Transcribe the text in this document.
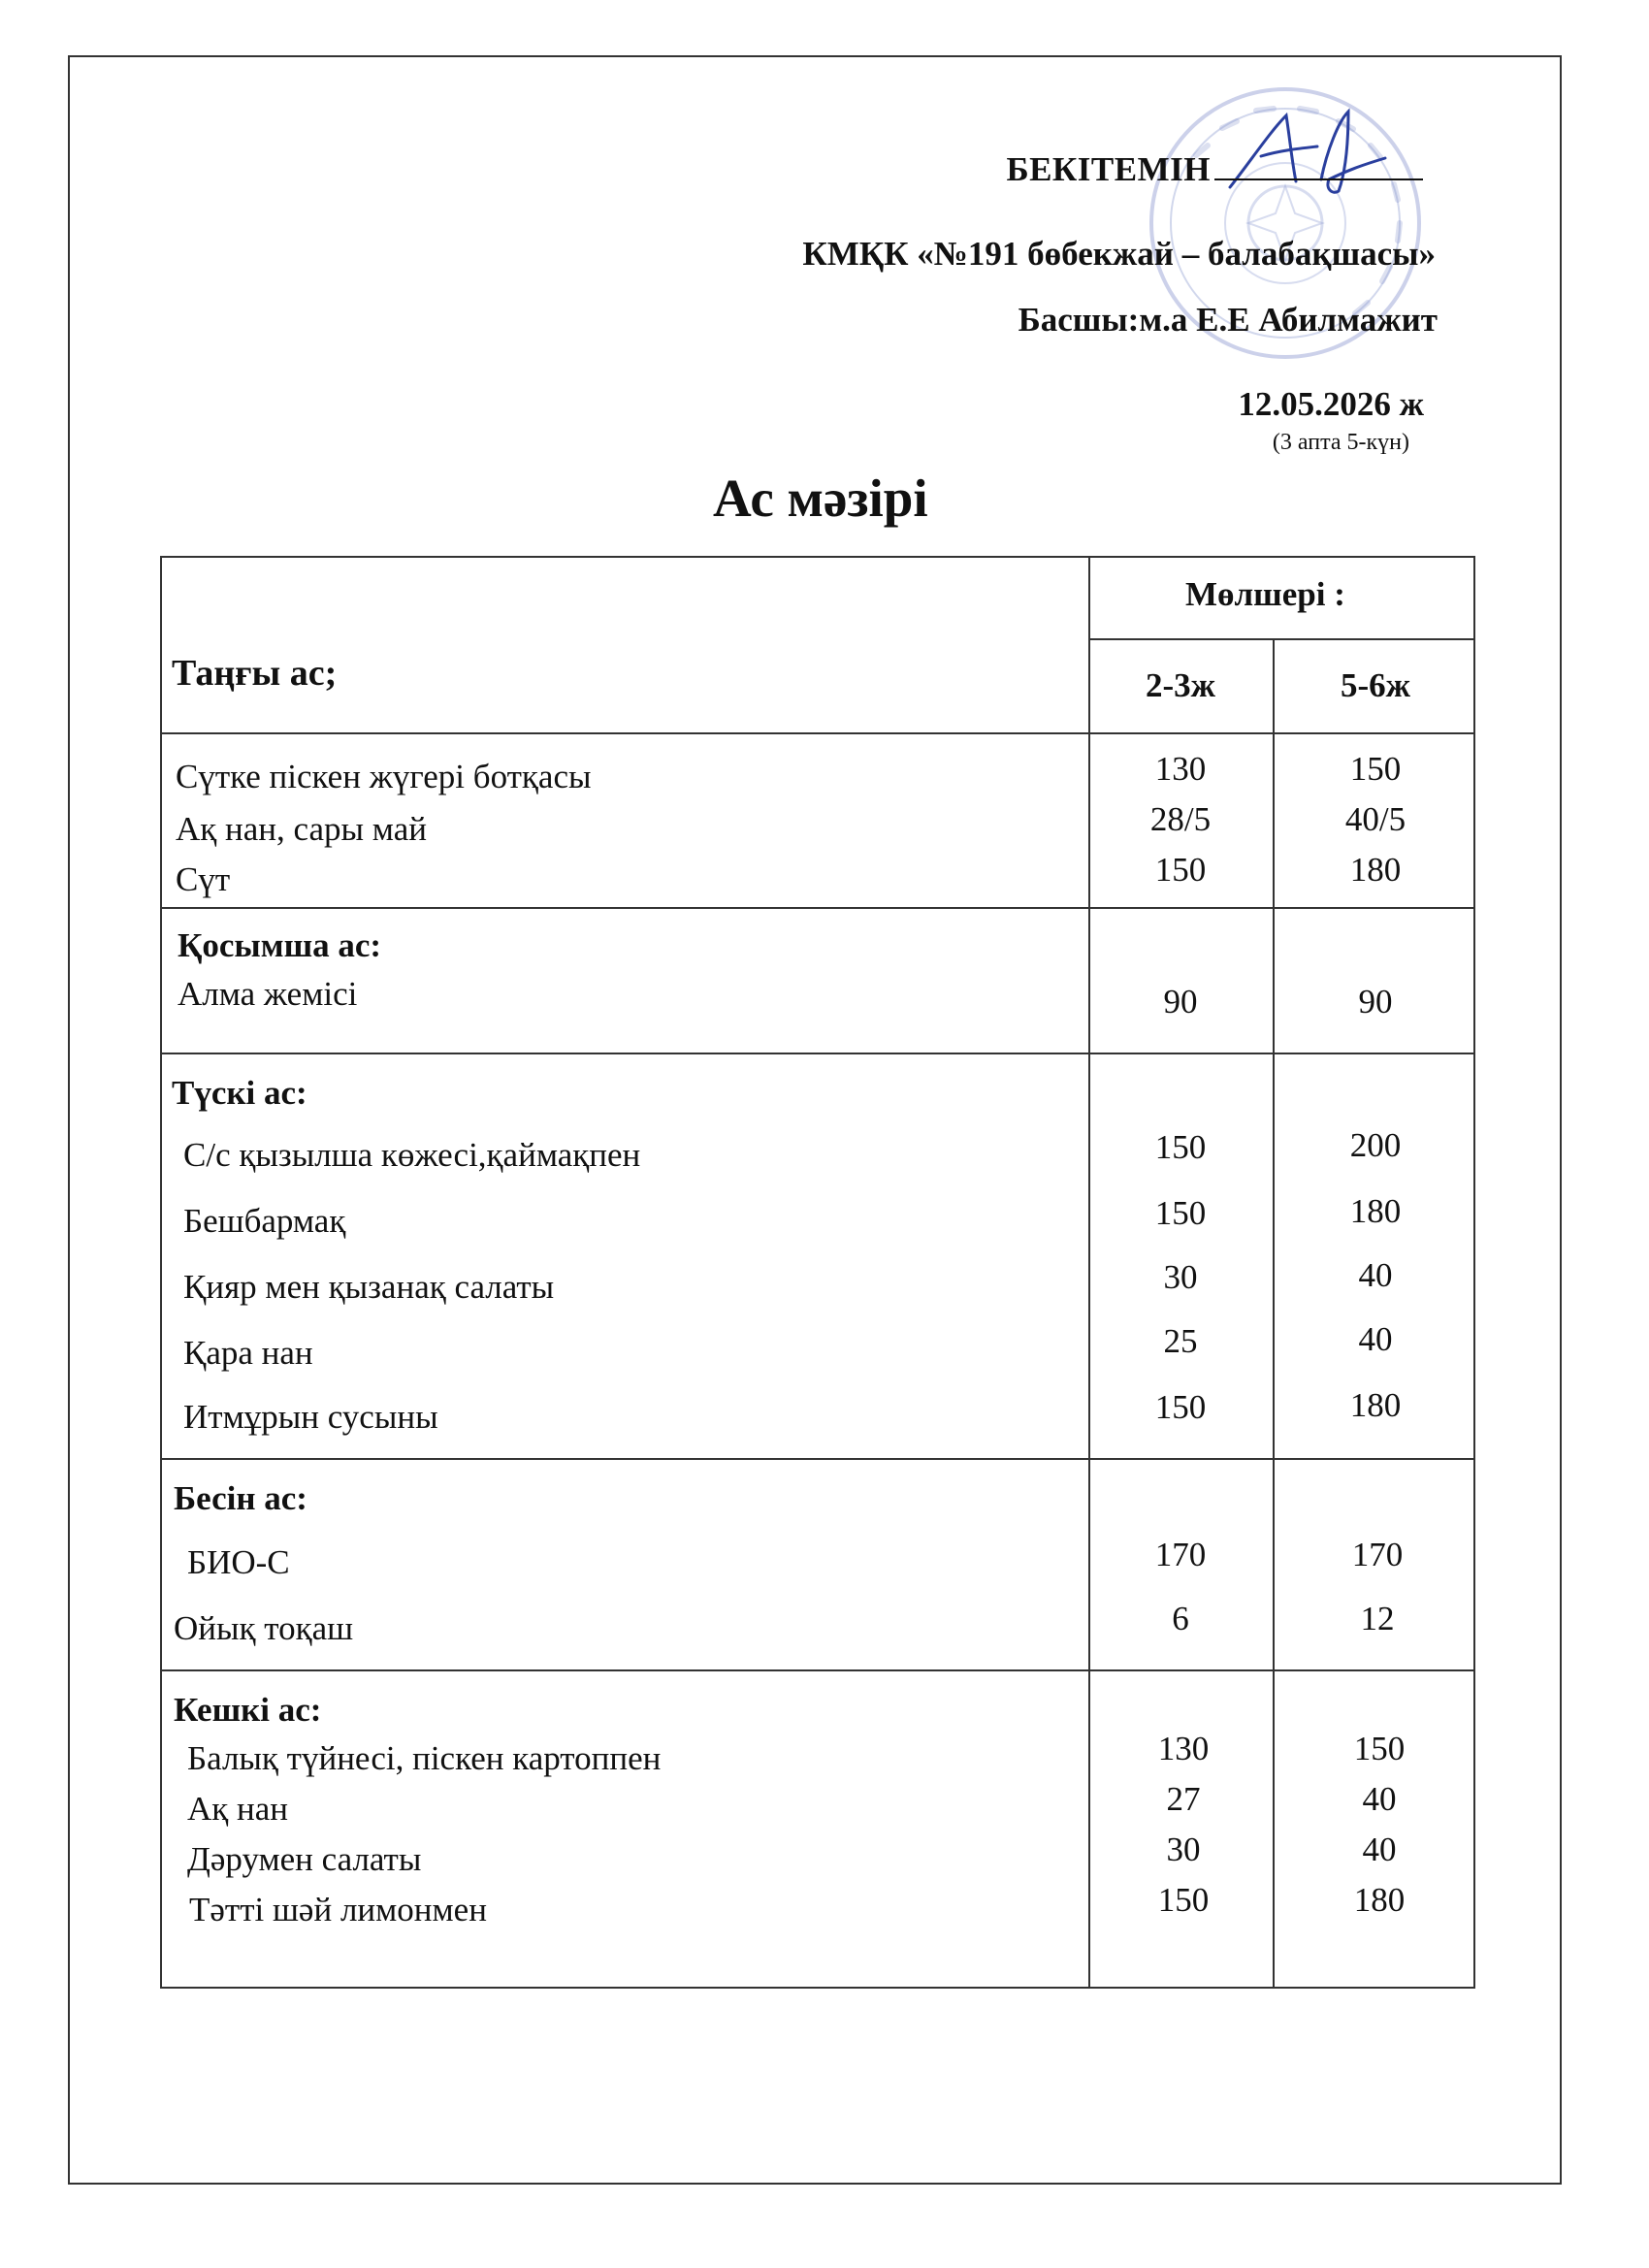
БЕКІТЕМІН
КМҚК «№191 бөбекжай – балабақшасы»
Басшы:м.а Е.Е Абилмажит
12.05.2026 ж
(3 апта 5-күн)
Ас мәзірі
Мөлшері :
Таңғы ас;	2-3ж	5-6ж
Сүтке піскен жүгері ботқасы	130	150
Ақ нан, сары май	28/5	40/5
Сүт	150	180
Қосымша ас:
Алма жемісі	90	90
Түскі ас:
С/с қызылша көжесі,қаймақпен	150	200
Бешбармақ	150	180
Қияр мен қызанақ салаты	30	40
Қара нан	25	40
Итмұрын сусыны	150	180
Бесін ас:
БИО-С	170	170
Ойық тоқаш	6	12
Кешкі ас:
Балық түйнесі, піскен картоппен	130	150
Ақ нан	27	40
Дәрумен салаты	30	40
Тәтті шәй лимонмен	150	180
